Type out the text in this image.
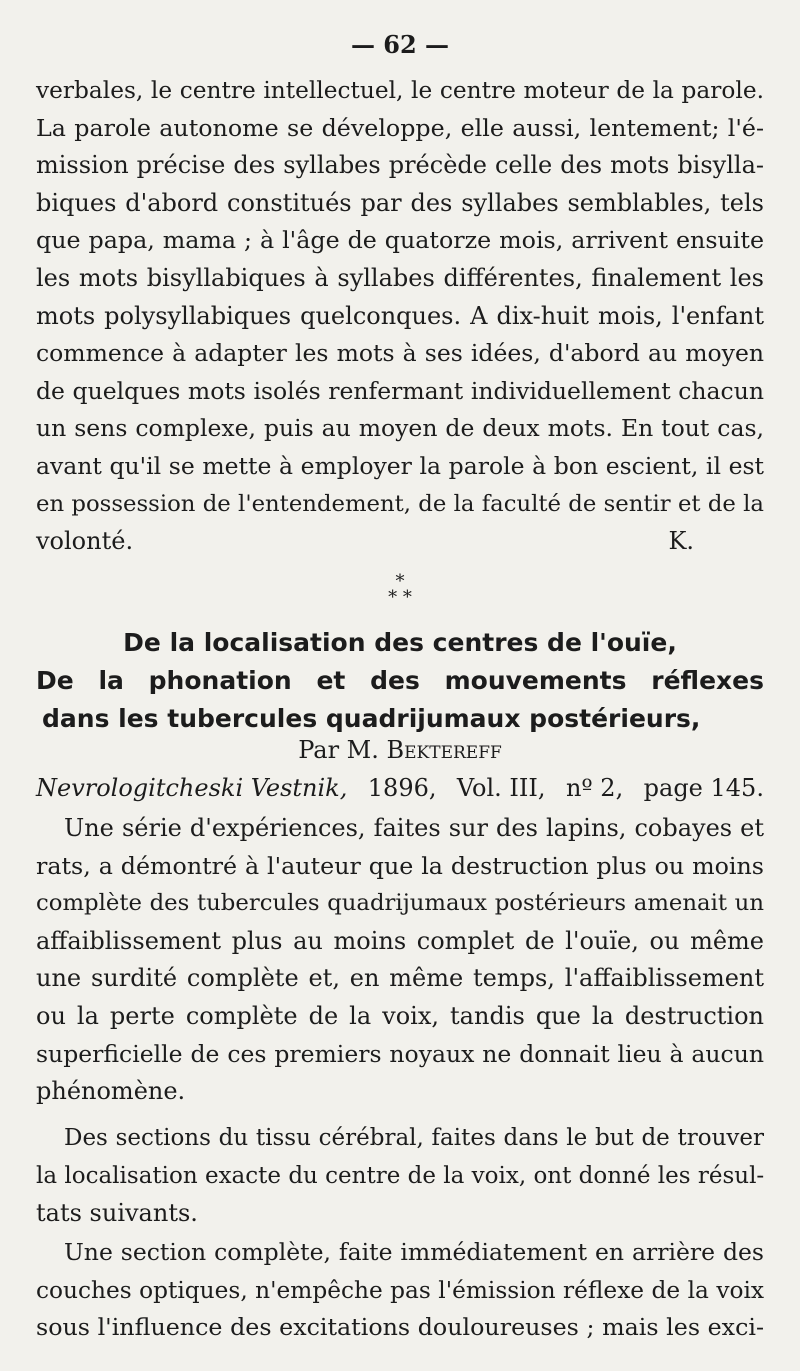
— 62 —
verbales, le centre intellectuel, le centre moteur de la parole.
La parole autonome se développe, elle aussi, lentement; l'é-
mission précise des syllabes précède celle des mots bisylla-
biques d'abord constitués par des syllabes semblables, tels
que papa, mama ; à l'âge de quatorze mois, arrivent ensuite
les mots bisyllabiques à syllabes différentes, finalement les
mots polysyllabiques quelconques. A dix-huit mois, l'enfant
commence à adapter les mots à ses idées, d'abord au moyen
de quelques mots isolés renfermant individuellement chacun
un sens complexe, puis au moyen de deux mots. En tout cas,
avant qu'il se mette à employer la parole à bon escient, il est
en possession de l'entendement, de la faculté de sentir et de la
volonté.	K.
*
* *
De la localisation des centres de l'ouïe,
De la phonation et des mouvements réflexes
dans les tubercules quadrijumaux postérieurs,
Par M. Bektereff
Nevrologitcheski Vestnik, 1896, Vol. III, nº 2, page 145.
Une série d'expériences, faites sur des lapins, cobayes et
rats, a démontré à l'auteur que la destruction plus ou moins
complète des tubercules quadrijumaux postérieurs amenait un
affaiblissement plus au moins complet de l'ouïe, ou même
une surdité complète et, en même temps, l'affaiblissement
ou la perte complète de la voix, tandis que la destruction
superficielle de ces premiers noyaux ne donnait lieu à aucun
phénomène.
Des sections du tissu cérébral, faites dans le but de trouver
la localisation exacte du centre de la voix, ont donné les résul-
tats suivants.
Une section complète, faite immédiatement en arrière des
couches optiques, n'empêche pas l'émission réflexe de la voix
sous l'influence des excitations douloureuses ; mais les exci-
